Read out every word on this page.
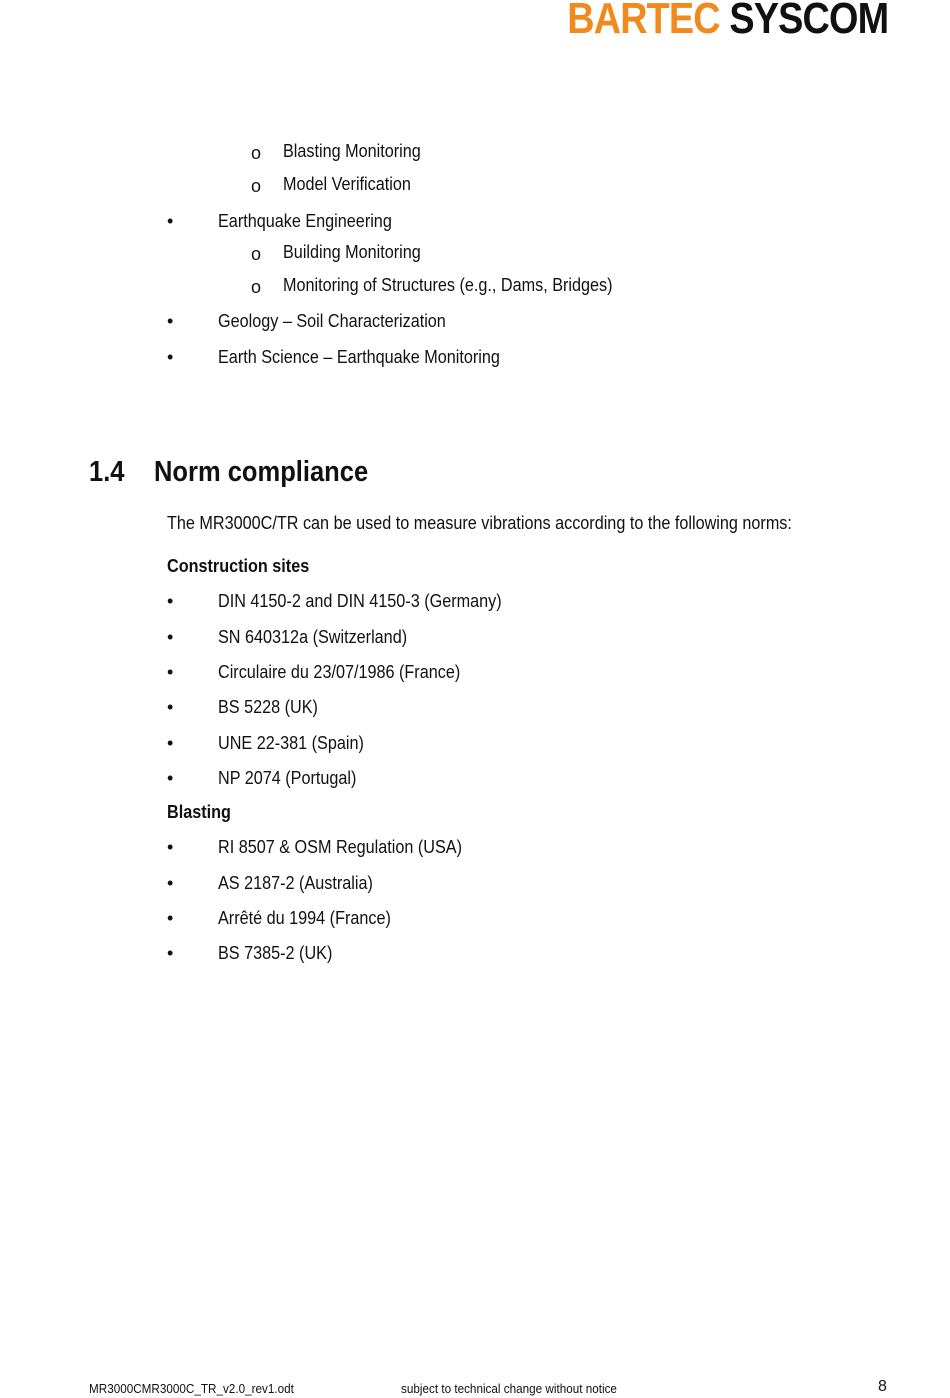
BARTEC SYSCOM
o Blasting Monitoring
o Model Verification
• Earthquake Engineering
o Building Monitoring
o Monitoring of Structures (e.g., Dams, Bridges)
• Geology – Soil Characterization
• Earth Science – Earthquake Monitoring
1.4 Norm compliance
The MR3000C/TR can be used to measure vibrations according to the following norms:
Construction sites
• DIN 4150-2 and DIN 4150-3 (Germany)
• SN 640312a (Switzerland)
• Circulaire du 23/07/1986 (France)
• BS 5228 (UK)
• UNE 22-381 (Spain)
• NP 2074 (Portugal)
Blasting
• RI 8507 & OSM Regulation (USA)
• AS 2187-2 (Australia)
• Arrêté du 1994 (France)
• BS 7385-2 (UK)
MR3000CMR3000C_TR_v2.0_rev1.odt	subject to technical change without notice	8
